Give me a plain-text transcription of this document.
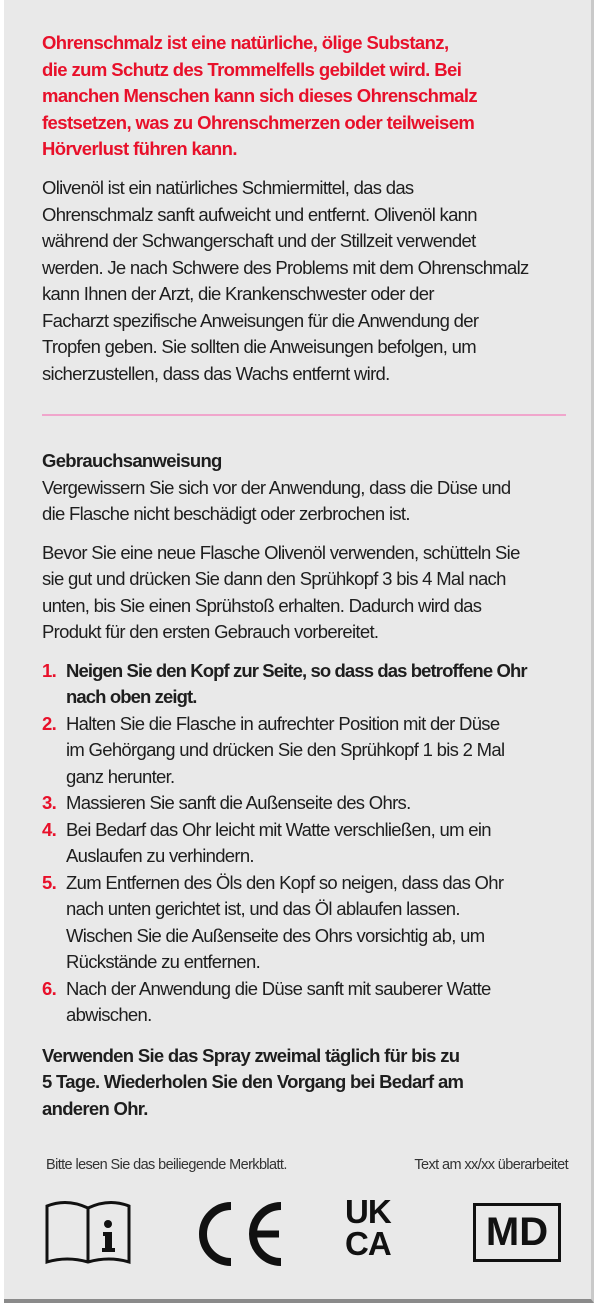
Ohrenschmalz ist eine natürliche, ölige Substanz,
die zum Schutz des Trommelfells gebildet wird. Bei
manchen Menschen kann sich dieses Ohrenschmalz
festsetzen, was zu Ohrenschmerzen oder teilweisem
Hörverlust führen kann.
Olivenöl ist ein natürliches Schmiermittel, das das
Ohrenschmalz sanft aufweicht und entfernt. Olivenöl kann
während der Schwangerschaft und der Stillzeit verwendet
werden. Je nach Schwere des Problems mit dem Ohrenschmalz
kann Ihnen der Arzt, die Krankenschwester oder der
Facharzt spezifische Anweisungen für die Anwendung der
Tropfen geben. Sie sollten die Anweisungen befolgen, um
sicherzustellen, dass das Wachs entfernt wird.
Gebrauchsanweisung
Vergewissern Sie sich vor der Anwendung, dass die Düse und
die Flasche nicht beschädigt oder zerbrochen ist.
Bevor Sie eine neue Flasche Olivenöl verwenden, schütteln Sie
sie gut und drücken Sie dann den Sprühkopf 3 bis 4 Mal nach
unten, bis Sie einen Sprühstoß erhalten. Dadurch wird das
Produkt für den ersten Gebrauch vorbereitet.
1. Neigen Sie den Kopf zur Seite, so dass das betroffene Ohr
nach oben zeigt.
2. Halten Sie die Flasche in aufrechter Position mit der Düse
im Gehörgang und drücken Sie den Sprühkopf 1 bis 2 Mal
ganz herunter.
3. Massieren Sie sanft die Außenseite des Ohrs.
4. Bei Bedarf das Ohr leicht mit Watte verschließen, um ein
Auslaufen zu verhindern.
5. Zum Entfernen des Öls den Kopf so neigen, dass das Ohr
nach unten gerichtet ist, und das Öl ablaufen lassen.
Wischen Sie die Außenseite des Ohrs vorsichtig ab, um
Rückstände zu entfernen.
6. Nach der Anwendung die Düse sanft mit sauberer Watte
abwischen.
Verwenden Sie das Spray zweimal täglich für bis zu
5 Tage. Wiederholen Sie den Vorgang bei Bedarf am
anderen Ohr.
Bitte lesen Sie das beiliegende Merkblatt.	Text am xx/xx überarbeitet
UK
CA	MD
